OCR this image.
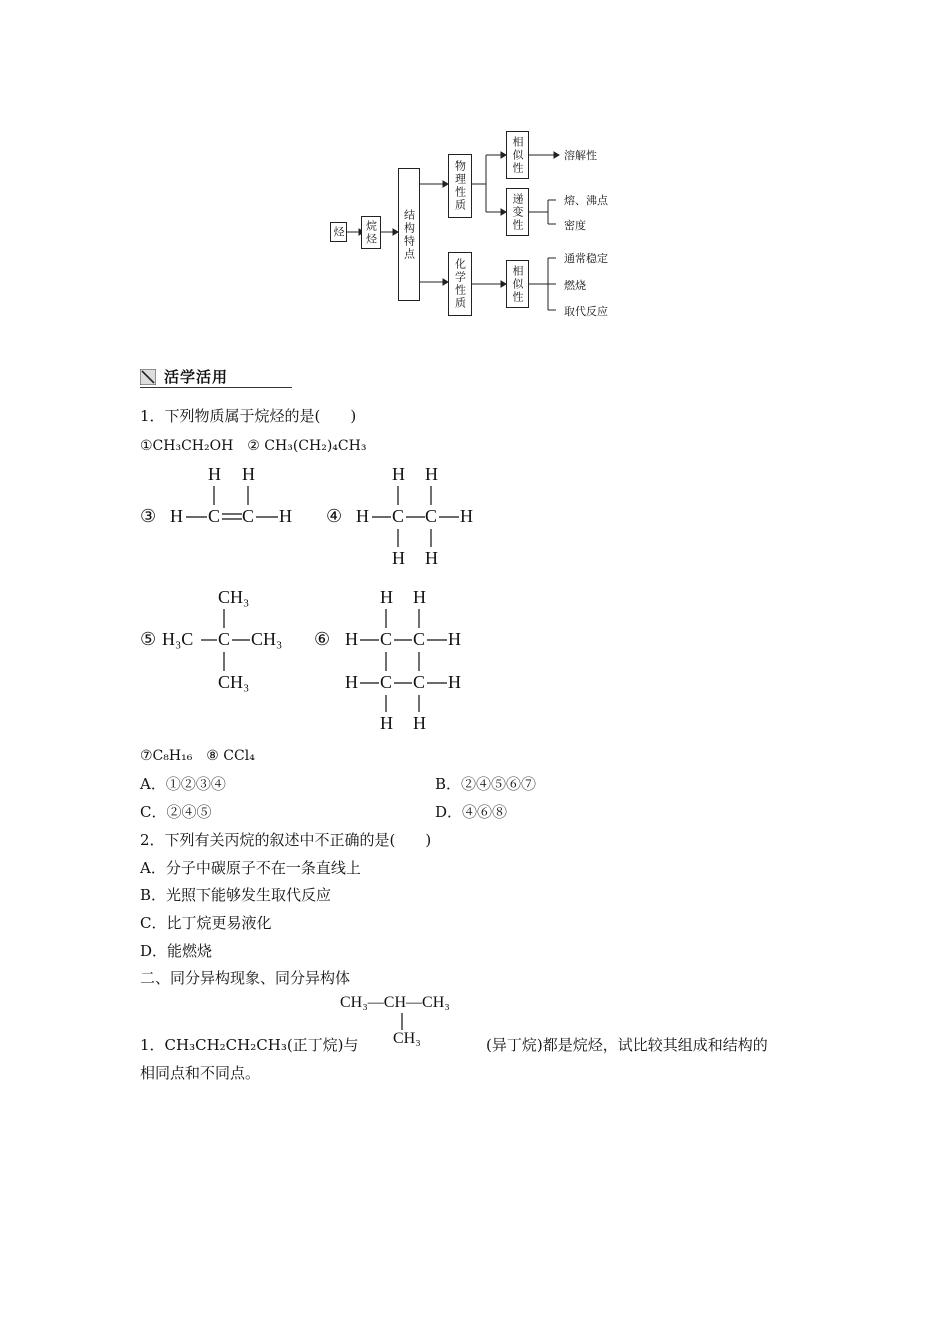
烃	烷烃	结构特点
物理性质
化学性质
相似性
递变性
相似性
溶解性
熔、沸点
密度
通常稳定
燃烧
取代反应
活学活用
1．下列物质属于烷烃的是(　　)
①CH₃CH₂OH　② CH₃(CH₂)₄CH₃
③
H H
H C C H ④
H H
H C C H
H H
⑤
CH₃
H₃C C CH₃
CH₃
⑥
H H
H C C H
H C C H
H H
⑦C₈H₁₆　⑧ CCl₄
A．①②③④	B．②④⑤⑥⑦
C．②④⑤	D．④⑥⑧
2．下列有关丙烷的叙述中不正确的是(　　)
A．分子中碳原子不在一条直线上
B．光照下能够发生取代反应
C．比丁烷更易液化
D．能燃烧
二、同分异构现象、同分异构体
CH₃—CH—CH₃
CH₃
1．CH₃CH₂CH₂CH₃(正丁烷)与	(异丁烷)都是烷烃，试比较其组成和结构的
相同点和不同点。
